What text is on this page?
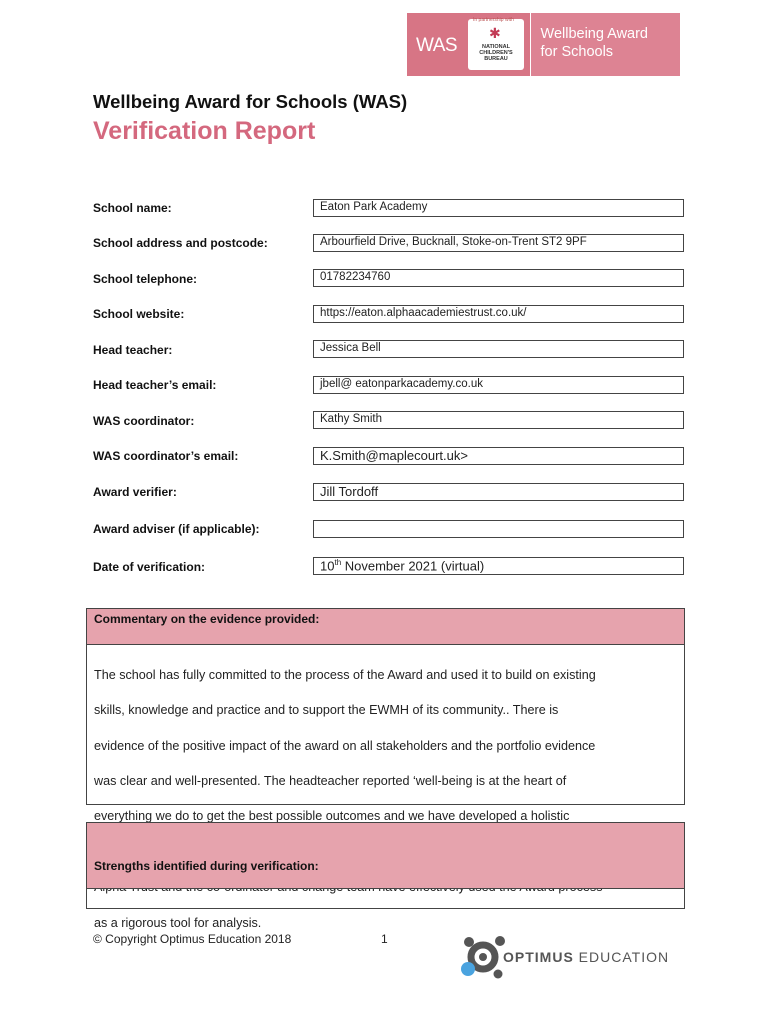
WAS
In partnership with
✱
NATIONAL CHILDREN'S BUREAU
Wellbeing Award
for Schools
Wellbeing Award for Schools (WAS)
Verification Report
School name:	Eaton Park Academy
School address and postcode:	Arbourfield Drive, Bucknall, Stoke-on-Trent ST2 9PF
School telephone:	01782234760
School website:	https://eaton.alphaacademiestrust.co.uk/
Head teacher:	Jessica Bell
Head teacher’s email:	jbell@ eatonparkacademy.co.uk
WAS coordinator:	Kathy Smith
WAS coordinator’s email:	K.Smith@maplecourt.uk>
Award verifier:	Jill Tordoff
Award adviser (if applicable):
Date of verification:	10th November 2021 (virtual)
Commentary on the evidence provided:

The school has fully committed to the process of the Award and used it to build on existing

skills, knowledge and practice and to support the EWMH of its community.. There is

evidence of the positive impact of the award on all stakeholders and the portfolio evidence

was clear and well-presented. The headteacher reported ‘well-being is at the heart of

everything we do to get the best possible outcomes and we have developed a holistic

as a rigorous tool for analysis.

Strengths identified during verification:
© Copyright Optimus Education 2018	1
OPTIMUS EDUCATION
